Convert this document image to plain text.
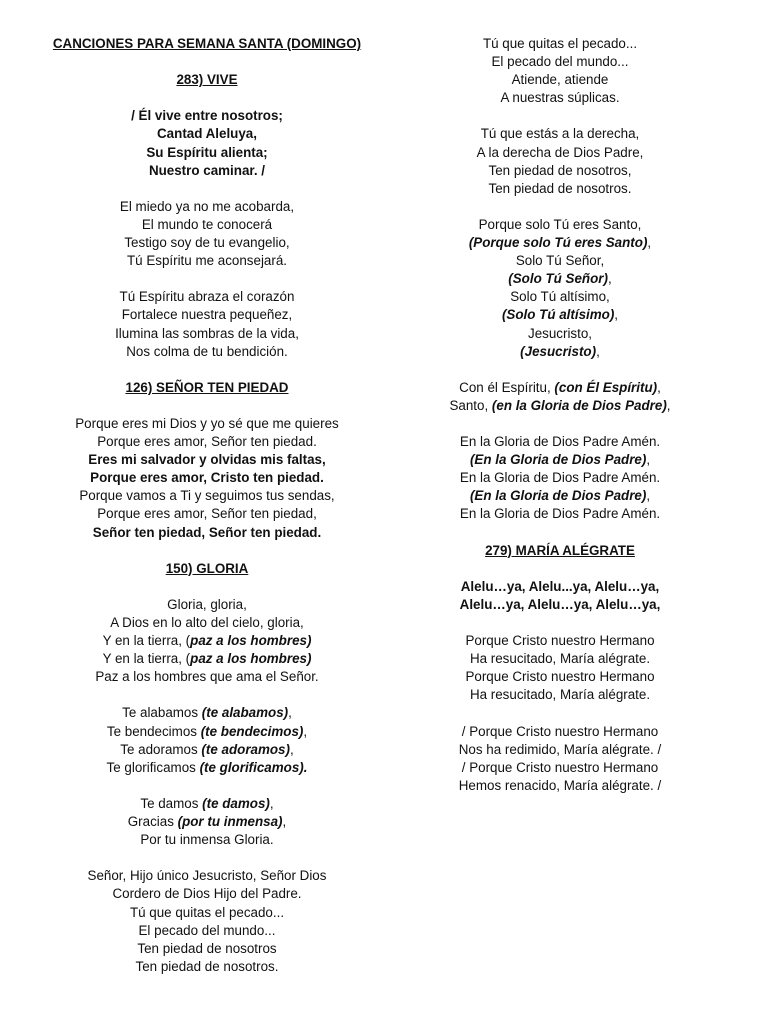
CANCIONES PARA SEMANA SANTA (DOMINGO)
283) VIVE
/ Él vive entre nosotros;
Cantad Aleluya,
Su Espíritu alienta;
Nuestro caminar. /
El miedo ya no me acobarda,
El mundo te conocerá
Testigo soy de tu evangelio,
Tú Espíritu me aconsejará.
Tú Espíritu abraza el corazón
Fortalece nuestra pequeñez,
Ilumina las sombras de la vida,
Nos colma de tu bendición.
126) SEÑOR TEN PIEDAD
Porque eres mi Dios y yo sé que me quieres
Porque eres amor, Señor ten piedad.
Eres mi salvador y olvidas mis faltas,
Porque eres amor, Cristo ten piedad.
Porque vamos a Ti y seguimos tus sendas,
Porque eres amor, Señor ten piedad,
Señor ten piedad, Señor ten piedad.
150) GLORIA
Gloria, gloria,
A Dios en lo alto del cielo, gloria,
Y en la tierra, (paz a los hombres)
Y en la tierra, (paz a los hombres)
Paz a los hombres que ama el Señor.
Te alabamos (te alabamos),
Te bendecimos (te bendecimos),
Te adoramos (te adoramos),
Te glorificamos (te glorificamos).
Te damos (te damos),
Gracias (por tu inmensa),
Por tu inmensa Gloria.
Señor, Hijo único Jesucristo, Señor Dios
Cordero de Dios Hijo del Padre.
Tú que quitas el pecado...
El pecado del mundo...
Ten piedad de nosotros
Ten piedad de nosotros.
Tú que quitas el pecado...
El pecado del mundo...
Atiende, atiende
A nuestras súplicas.
Tú que estás a la derecha,
A la derecha de Dios Padre,
Ten piedad de nosotros,
Ten piedad de nosotros.
Porque solo Tú eres Santo,
(Porque solo Tú eres Santo),
Solo Tú Señor,
(Solo Tú Señor),
Solo Tú altísimo,
(Solo Tú altísimo),
Jesucristo,
(Jesucristo),
Con él Espíritu, (con Él Espíritu),
Santo, (en la Gloria de Dios Padre),
En la Gloria de Dios Padre Amén.
(En la Gloria de Dios Padre),
En la Gloria de Dios Padre Amén.
(En la Gloria de Dios Padre),
En la Gloria de Dios Padre Amén.
279) MARÍA ALÉGRATE
Alelu…ya, Alelu...ya, Alelu…ya,
Alelu…ya, Alelu…ya, Alelu…ya,
Porque Cristo nuestro Hermano
Ha resucitado, María alégrate.
Porque Cristo nuestro Hermano
Ha resucitado, María alégrate.
/ Porque Cristo nuestro Hermano
Nos ha redimido, María alégrate. /
/ Porque Cristo nuestro Hermano
Hemos renacido, María alégrate. /
